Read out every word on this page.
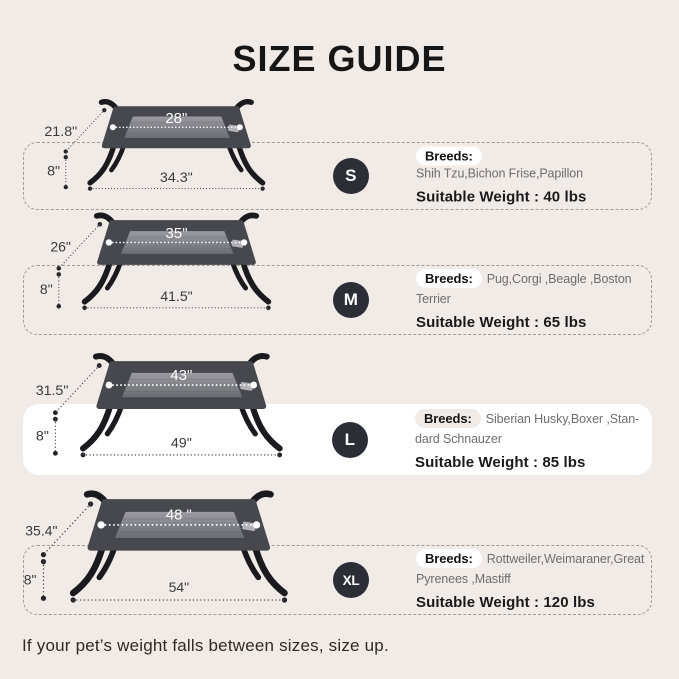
SIZE GUIDE
S

Breeds:Shih Tzu,Bichon Frise,Papillon

Suitable Weight : 40 lbs

M

Breeds: Pug,Corgi ,Beagle ,Boston
Terrier

Suitable Weight : 65 lbs

L

Breeds: Siberian Husky,Boxer ,Stan-
dard Schnauzer

Suitable Weight : 85 lbs

XL

Breeds: Rottweiler,Weimaraner,Great
Pyrenees ,Mastiff

Suitable Weight : 120 lbs

28"
21.8"
8"	34.3"
35"
26"
8"	41.5"
43"
31.5"
8"	49"
48 "
35.4"
8"	54"
If your pet’s weight falls between sizes, size up.
